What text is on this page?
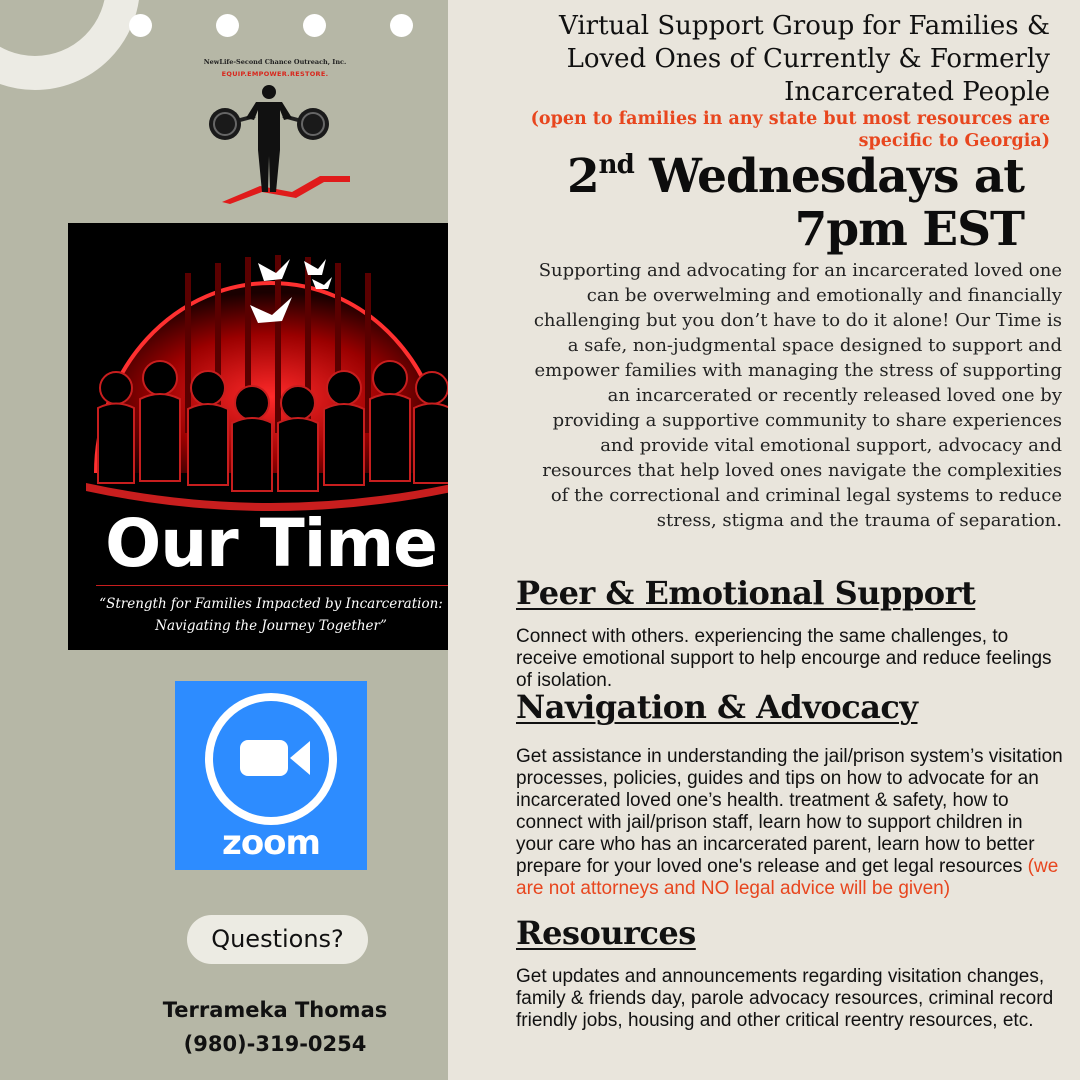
NewLife-Second Chance Outreach, Inc.
EQUIP.EMPOWER.RESTORE.
Our Time
“Strength for Families Impacted by Incarceration: Navigating the Journey Together”
zoom
Questions?
Terrameka Thomas
(980)-319-0254
Virtual Support Group for Families & Loved Ones of Currently & Formerly Incarcerated People
(open to families in any state but most resources are specific to Georgia)
2nd Wednesdays at
7pm EST
Supporting and advocating for an incarcerated loved one can be overwelming and emotionally and financially challenging but you don’t have to do it alone! Our Time is a safe, non-judgmental space designed to support and empower families with managing the stress of supporting an incarcerated or recently released loved one by providing a supportive community to share experiences and provide vital emotional support, advocacy and resources that help loved ones navigate the complexities of the correctional and criminal legal systems to reduce stress, stigma and the trauma of separation.
Peer & Emotional Support
Connect with others. experiencing the same challenges, to receive emotional support to help encourge and reduce feelings of isolation.
Navigation & Advocacy
Get assistance in understanding the jail/prison system’s visitation processes, policies, guides and tips on how to advocate for an incarcerated loved one’s health. treatment & safety, how to connect with jail/prison staff, learn how to support children in your care who has an incarcerated parent, learn how to better prepare for your loved one's release and get legal resources (we are not attorneys and NO legal advice will be given)
Resources
Get updates and announcements regarding visitation changes, family & friends day, parole advocacy resources, criminal record friendly jobs, housing and other critical reentry resources, etc.
